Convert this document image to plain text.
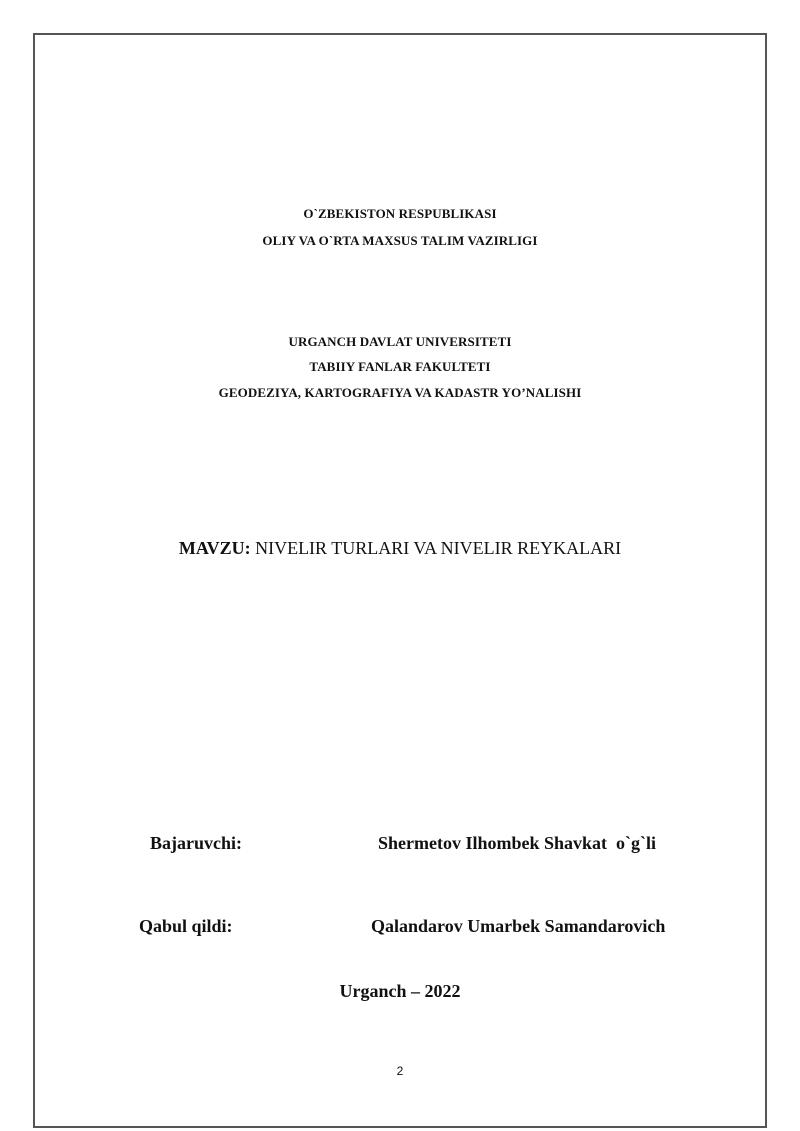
O`ZBEKISTON RESPUBLIKASI
OLIY VA O`RTA MAXSUS TALIM VAZIRLIGI
URGANCH DAVLAT UNIVERSITETI
TABIIY FANLAR FAKULTETI
GEODEZIYA, KARTOGRAFIYA VA KADASTR YO’NALISHI
MAVZU: NIVELIR TURLARI VA NIVELIR REYKALARI
Bajaruvchi:	Shermetov Ilhombek Shavkat  o`g`li
Qabul qildi:	Qalandarov Umarbek Samandarovich
Urganch – 2022
2
